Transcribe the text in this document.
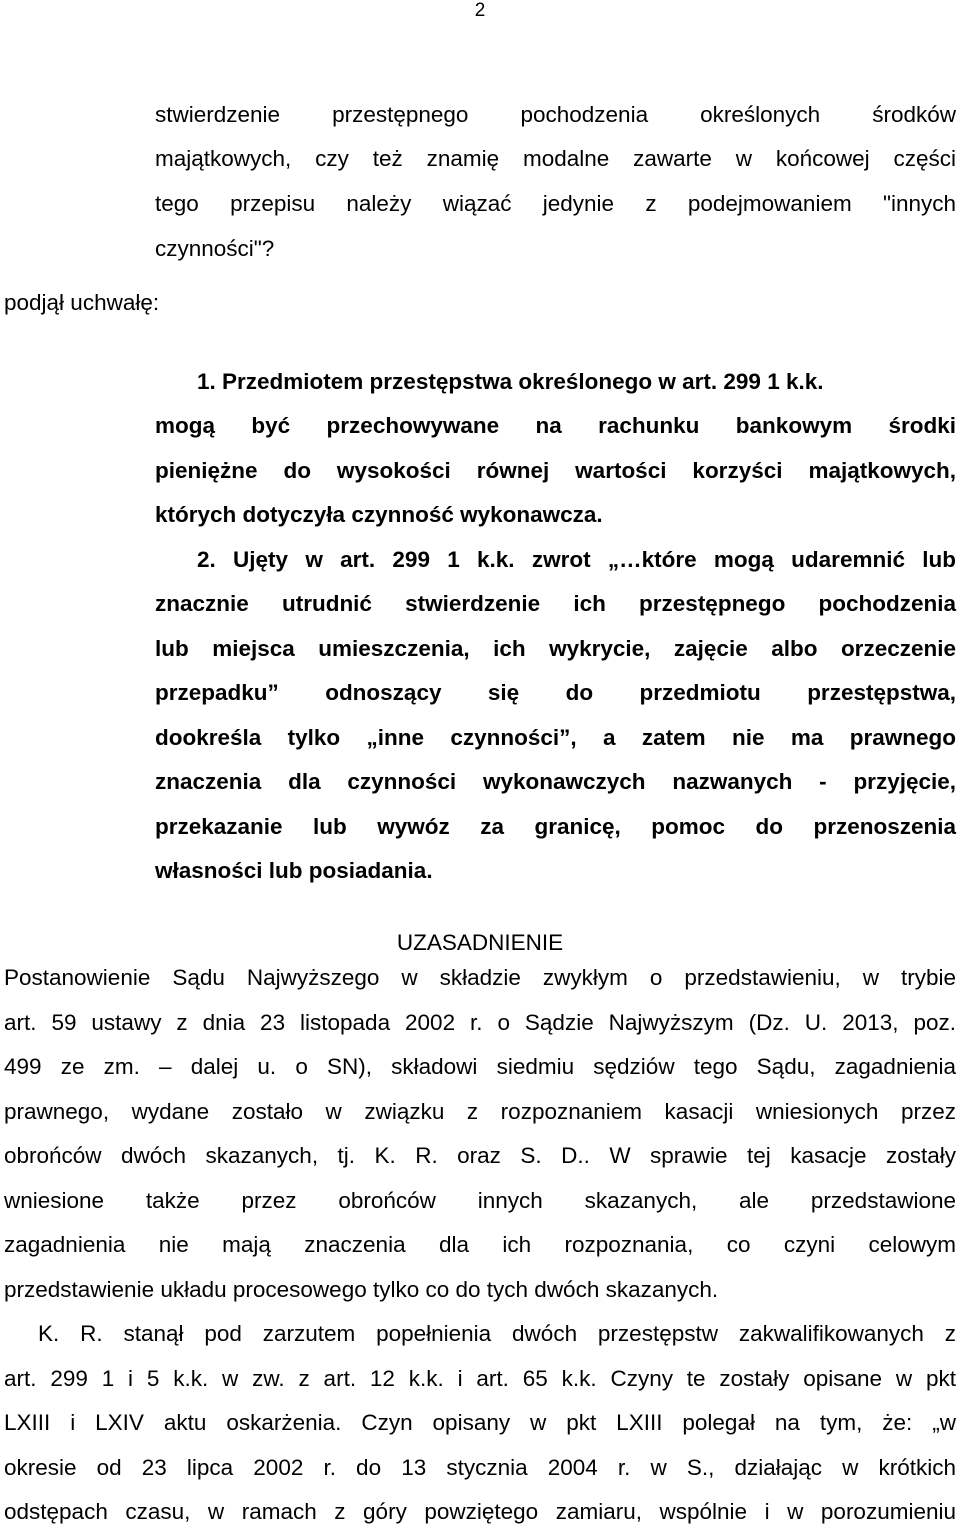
2
stwierdzenie przestępnego pochodzenia określonych środków
majątkowych, czy też znamię modalne zawarte w końcowej części
tego przepisu należy wiązać jedynie z podejmowaniem "innych
czynności"?
podjął uchwałę:
1. Przedmiotem przestępstwa określonego w art. 299 1 k.k.
mogą być przechowywane na rachunku bankowym środki
pieniężne do wysokości równej wartości korzyści majątkowych,
których dotyczyła czynność wykonawcza.
2. Ujęty w art. 299 1 k.k. zwrot „…które mogą udaremnić lub
znacznie utrudnić stwierdzenie ich przestępnego pochodzenia
lub miejsca umieszczenia, ich wykrycie, zajęcie albo orzeczenie
przepadku” odnoszący się do przedmiotu przestępstwa,
dookreśla tylko „inne czynności”, a zatem nie ma prawnego
znaczenia dla czynności wykonawczych nazwanych - przyjęcie,
przekazanie lub wywóz za granicę, pomoc do przenoszenia
własności lub posiadania.
UZASADNIENIE
Postanowienie Sądu Najwyższego w składzie zwykłym o przedstawieniu, w trybie
art. 59 ustawy z dnia 23 listopada 2002 r. o Sądzie Najwyższym (Dz. U. 2013, poz.
499 ze zm. – dalej u. o SN), składowi siedmiu sędziów tego Sądu, zagadnienia
prawnego, wydane zostało w związku z rozpoznaniem kasacji wniesionych przez
obrońców dwóch skazanych, tj. K. R. oraz S. D.. W sprawie tej kasacje zostały
wniesione także przez obrońców innych skazanych, ale przedstawione
zagadnienia nie mają znaczenia dla ich rozpoznania, co czyni celowym
przedstawienie układu procesowego tylko co do tych dwóch skazanych.
K. R. stanął pod zarzutem popełnienia dwóch przestępstw zakwalifikowanych z
art. 299 1 i 5 k.k. w zw. z art. 12 k.k. i art. 65 k.k. Czyny te zostały opisane w pkt
LXIII i LXIV aktu oskarżenia. Czyn opisany w pkt LXIII polegał na tym, że: „w
okresie od 23 lipca 2002 r. do 13 stycznia 2004 r. w S., działając w krótkich
odstępach czasu, w ramach z góry powziętego zamiaru, wspólnie i w porozumieniu
